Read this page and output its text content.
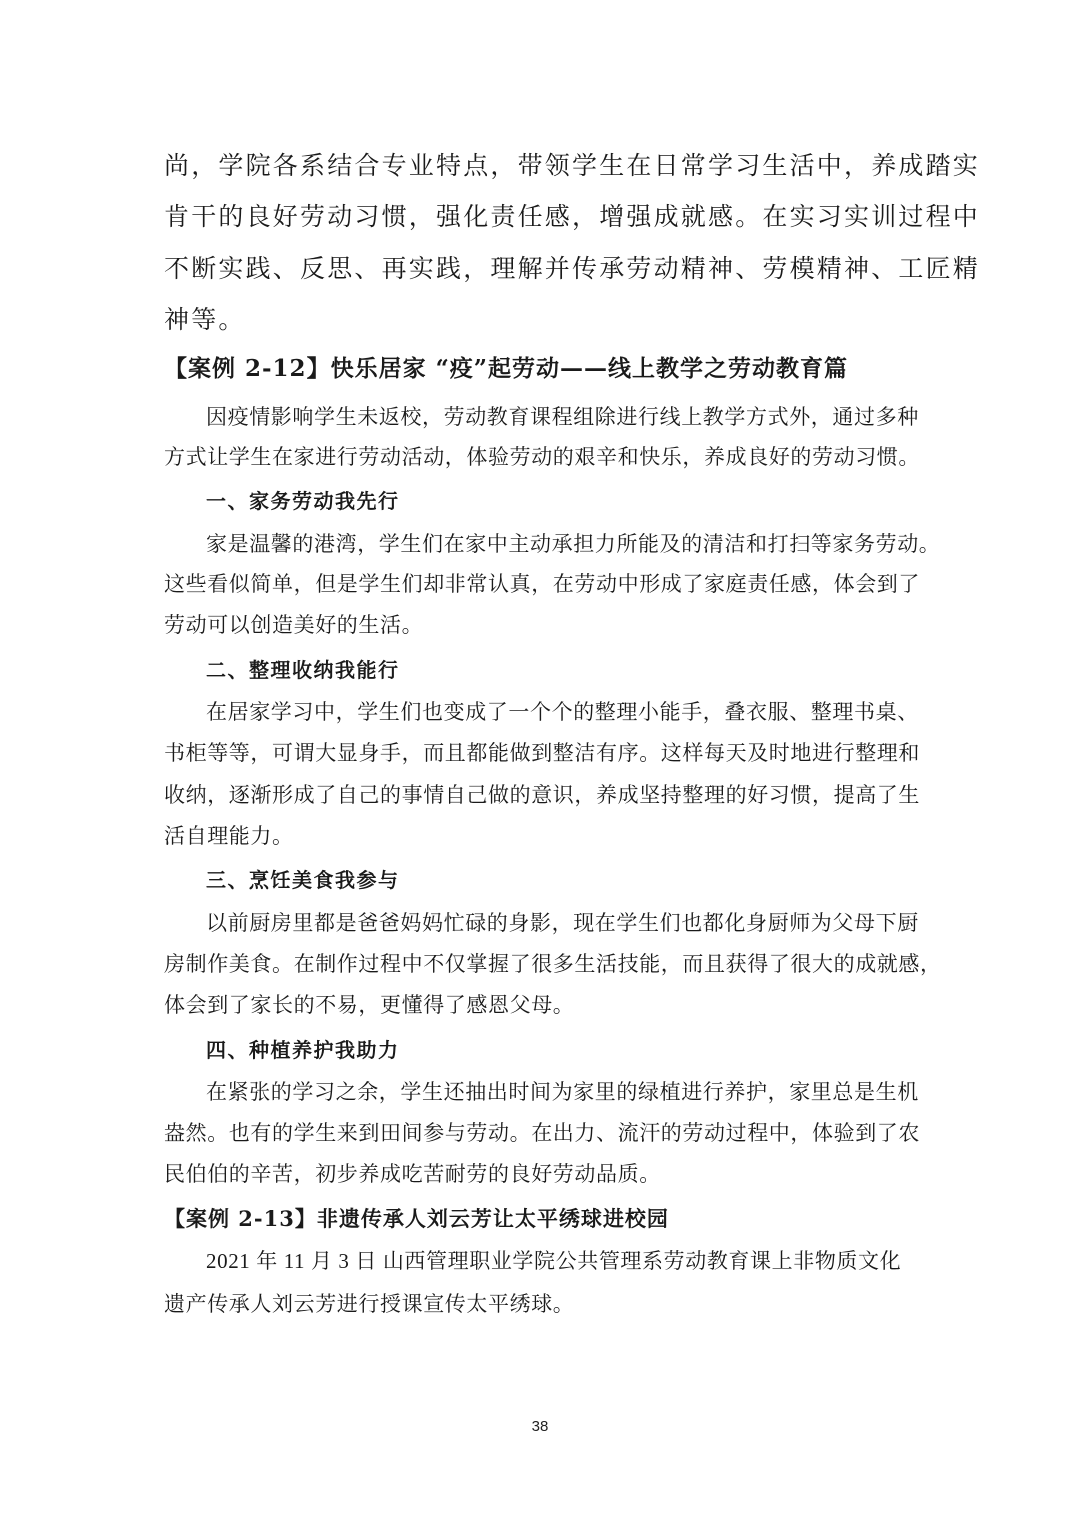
尚，学院各系结合专业特点，带领学生在日常学习生活中，养成踏实
肯干的良好劳动习惯，强化责任感，增强成就感。在实习实训过程中
不断实践、反思、再实践，理解并传承劳动精神、劳模精神、工匠精
神等。
【案例 2-12】快乐居家 “疫”起劳动——线上教学之劳动教育篇
因疫情影响学生未返校，劳动教育课程组除进行线上教学方式外，通过多种
方式让学生在家进行劳动活动，体验劳动的艰辛和快乐，养成良好的劳动习惯。
一、家务劳动我先行
家是温馨的港湾，学生们在家中主动承担力所能及的清洁和打扫等家务劳动。
这些看似简单，但是学生们却非常认真，在劳动中形成了家庭责任感，体会到了
劳动可以创造美好的生活。
二、整理收纳我能行
在居家学习中，学生们也变成了一个个的整理小能手，叠衣服、整理书桌、
书柜等等，可谓大显身手，而且都能做到整洁有序。这样每天及时地进行整理和
收纳，逐渐形成了自己的事情自己做的意识，养成坚持整理的好习惯，提高了生
活自理能力。
三、烹饪美食我参与
以前厨房里都是爸爸妈妈忙碌的身影，现在学生们也都化身厨师为父母下厨
房制作美食。在制作过程中不仅掌握了很多生活技能，而且获得了很大的成就感，
体会到了家长的不易，更懂得了感恩父母。
四、种植养护我助力
在紧张的学习之余，学生还抽出时间为家里的绿植进行养护，家里总是生机
盎然。也有的学生来到田间参与劳动。在出力、流汗的劳动过程中，体验到了农
民伯伯的辛苦，初步养成吃苦耐劳的良好劳动品质。
【案例 2-13】非遗传承人刘云芳让太平绣球进校园
2021 年 11 月 3 日 山西管理职业学院公共管理系劳动教育课上非物质文化
遗产传承人刘云芳进行授课宣传太平绣球。
38
